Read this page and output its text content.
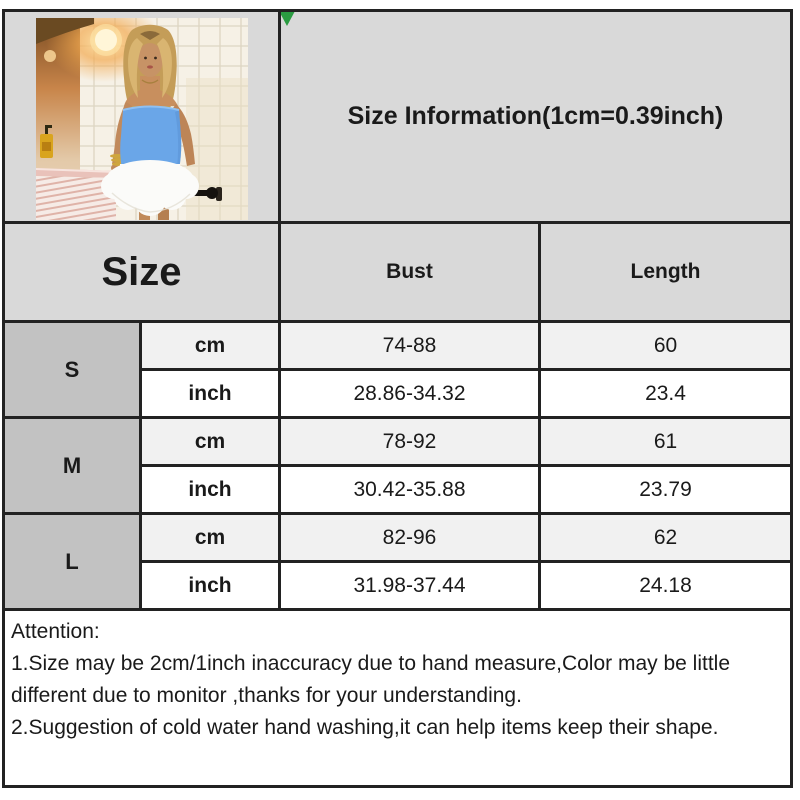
Size Information(1cm=0.39inch)
Size	Bust	Length
S
cm	74-88	60
inch	28.86-34.32	23.4
M
cm	78-92	61
inch	30.42-35.88	23.79
L
cm	82-96	62
inch	31.98-37.44	24.18

Attention:

1.Size may be 2cm/1inch inaccuracy due to hand measure,Color may be little different due to monitor ,thanks for your understanding.

2.Suggestion of cold water hand washing,it can help items keep their shape.
